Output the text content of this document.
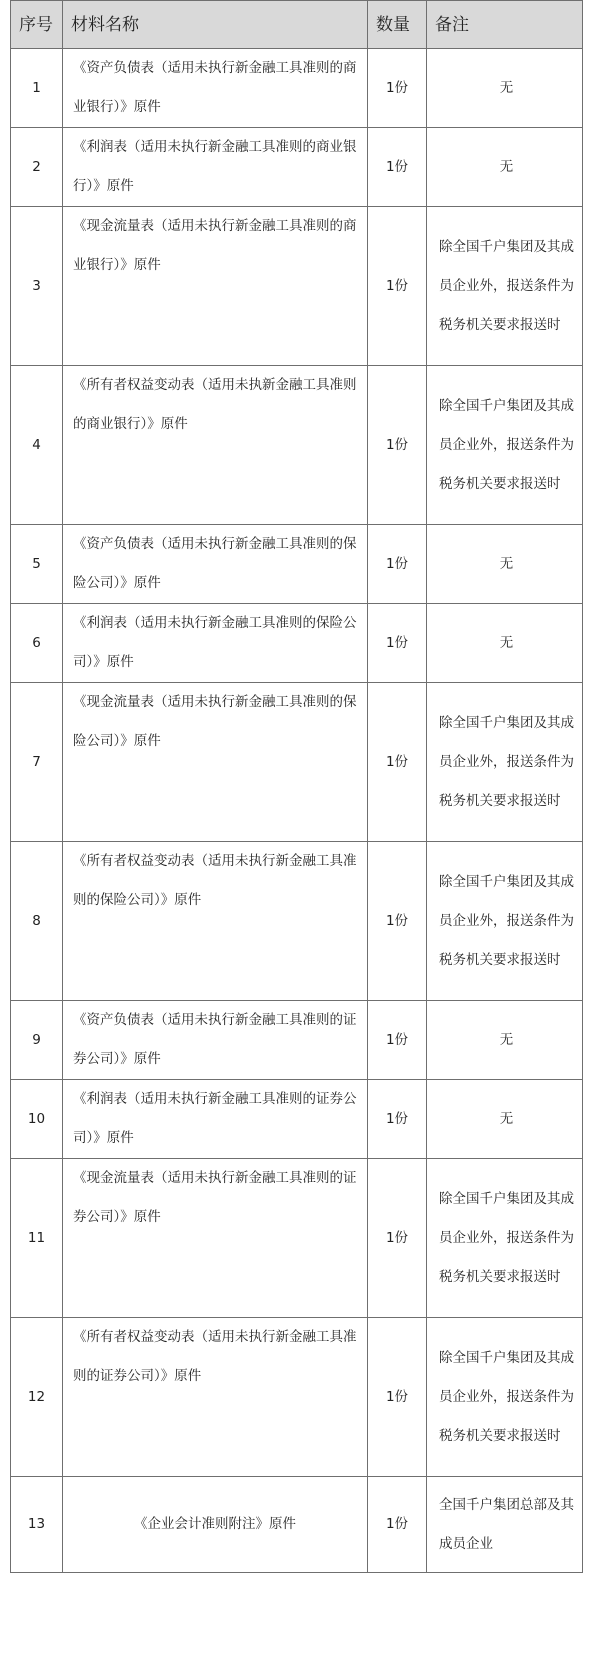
序号	材料名称	数量	备注
1	《资产负债表（适用未执行新金融工具准则的商业银行）》原件	1份	无

2	《利润表（适用未执行新金融工具准则的商业银行）》原件	1份	无

3	《现金流量表（适用未执行新金融工具准则的商业银行）》原件	1份	除全国千户集团及其成员企业外，报送条件为税务机关要求报送时

4	《所有者权益变动表（适用未执新金融工具准则的商业银行）》原件	1份	除全国千户集团及其成员企业外，报送条件为税务机关要求报送时

5	《资产负债表（适用未执行新金融工具准则的保险公司）》原件	1份	无

6	《利润表（适用未执行新金融工具准则的保险公司）》原件	1份	无

7	《现金流量表（适用未执行新金融工具准则的保险公司）》原件	1份	除全国千户集团及其成员企业外，报送条件为税务机关要求报送时

8	《所有者权益变动表（适用未执行新金融工具准则的保险公司）》原件	1份	除全国千户集团及其成员企业外，报送条件为税务机关要求报送时

9	《资产负债表（适用未执行新金融工具准则的证券公司）》原件	1份	无

10	《利润表（适用未执行新金融工具准则的证券公司）》原件	1份	无

11	《现金流量表（适用未执行新金融工具准则的证券公司）》原件	1份	除全国千户集团及其成员企业外，报送条件为税务机关要求报送时

12	《所有者权益变动表（适用未执行新金融工具准则的证券公司）》原件	1份	除全国千户集团及其成员企业外，报送条件为税务机关要求报送时

13	《企业会计准则附注》原件	1份	全国千户集团总部及其成员企业
